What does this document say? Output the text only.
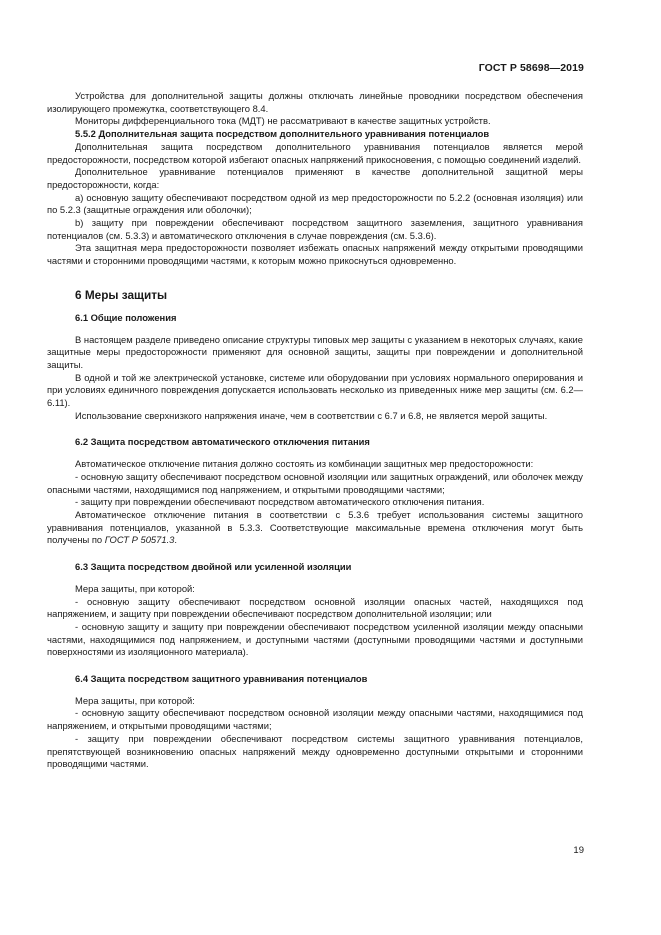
ГОСТ Р 58698—2019

Устройства для дополнительной защиты должны отключать линейные проводники посредством обеспечения изолирующего промежутка, соответствующего 8.4.

Мониторы дифференциального тока (МДТ) не рассматривают в качестве защитных устройств.

5.5.2 Дополнительная защита посредством дополнительного уравнивания потенциалов

Дополнительная защита посредством дополнительного уравнивания потенциалов является мерой предосторожности, посредством которой избегают опасных напряжений прикосновения, с помощью соединений изделий.

Дополнительное уравнивание потенциалов применяют в качестве дополнительной защитной меры предосторожности, когда:

a) основную защиту обеспечивают посредством одной из мер предосторожности по 5.2.2 (основная изоляция) или по 5.2.3 (защитные ограждения или оболочки);

b) защиту при повреждении обеспечивают посредством защитного заземления, защитного уравнивания потенциалов (см. 5.3.3) и автоматического отключения в случае повреждения (см. 5.3.6).

Эта защитная мера предосторожности позволяет избежать опасных напряжений между открытыми проводящими частями и сторонними проводящими частями, к которым можно прикоснуться одновременно.

6 Меры защиты
6.1 Общие положения

В настоящем разделе приведено описание структуры типовых мер защиты с указанием в некоторых случаях, какие защитные меры предосторожности применяют для основной защиты, защиты при повреждении и дополнительной защиты.

В одной и той же электрической установке, системе или оборудовании при условиях нормального оперирования и при условиях единичного повреждения допускается использовать несколько из приведенных ниже мер защиты (см. 6.2—6.11).

Использование сверхнизкого напряжения иначе, чем в соответствии с 6.7 и 6.8, не является мерой защиты.

6.2 Защита посредством автоматического отключения питания

Автоматическое отключение питания должно состоять из комбинации защитных мер предосторожности:

- основную защиту обеспечивают посредством основной изоляции или защитных ограждений, или оболочек между опасными частями, находящимися под напряжением, и открытыми проводящими частями;

- защиту при повреждении обеспечивают посредством автоматического отключения питания.

Автоматическое отключение питания в соответствии с 5.3.6 требует использования системы защитного уравнивания потенциалов, указанной в 5.3.3. Соответствующие максимальные времена отключения могут быть получены по ГОСТ Р 50571.3.

6.3 Защита посредством двойной или усиленной изоляции

Мера защиты, при которой:

- основную защиту обеспечивают посредством основной изоляции опасных частей, находящихся под напряжением, и защиту при повреждении обеспечивают посредством дополнительной изоляции; или

- основную защиту и защиту при повреждении обеспечивают посредством усиленной изоляции между опасными частями, находящимися под напряжением, и доступными частями (доступными проводящими частями и доступными поверхностями из изоляционного материала).

6.4 Защита посредством защитного уравнивания потенциалов

Мера защиты, при которой:

- основную защиту обеспечивают посредством основной изоляции между опасными частями, находящимися под напряжением, и открытыми проводящими частями;

- защиту при повреждении обеспечивают посредством системы защитного уравнивания потенциалов, препятствующей возникновению опасных напряжений между одновременно доступными открытыми и сторонними проводящими частями.

19
